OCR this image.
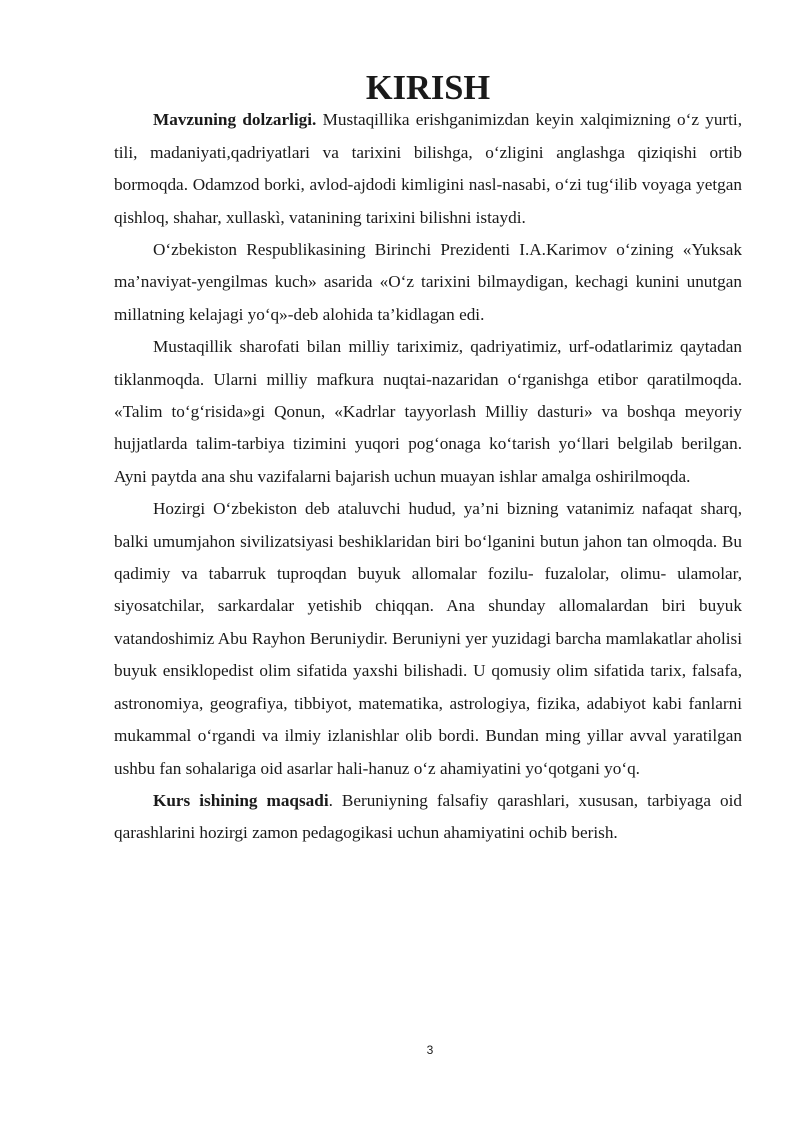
KIRISH

Mavzuning dolzarligi. Mustaqillika erishganimizdan keyin xalqimizning o‘z yurti, tili, madaniyati,qadriyatlari va tarixini bilishga, o‘zligini anglashga qiziqishi ortib bormoqda. Odamzod borki, avlod-ajdodi kimligini nasl-nasabi, o‘zi tug‘ilib voyaga yetgan qishloq, shahar, xullaskì, vatanining tarixini bilishni istaydi.

O‘zbekiston Respublikasining Birinchi Prezidenti I.A.Karimov o‘zining «Yuksak ma’naviyat-yengilmas kuch» asarida «O‘z tarixini bilmaydigan, kechagi kunini unutgan millatning kelajagi yo‘q»-deb alohida ta’kidlagan edi.

Mustaqillik sharofati bilan milliy tariximiz, qadriyatimiz, urf-odatlarimiz qaytadan tiklanmoqda. Ularni milliy mafkura nuqtai-nazaridan o‘rganishga etibor qaratilmoqda. «Talim to‘g‘risida»gi Qonun, «Kadrlar tayyorlash Milliy dasturi» va boshqa meyoriy hujjatlarda talim-tarbiya tizimini yuqori pog‘onaga ko‘tarish yo‘llari belgilab berilgan. Ayni paytda ana shu vazifalarni bajarish uchun muayan ishlar amalga oshirilmoqda.

Hozirgi O‘zbekiston deb ataluvchi hudud, ya’ni bizning vatanimiz nafaqat sharq, balki umumjahon sivilizatsiyasi beshiklaridan biri bo‘lganini butun jahon tan olmoqda. Bu qadimiy va tabarruk tuproqdan buyuk allomalar fozilu- fuzalolar, olimu- ulamolar, siyosatchilar, sarkardalar yetishib chiqqan. Ana shunday allomalardan biri buyuk vatandoshimiz Abu Rayhon Beruniydir. Beruniyni yer yuzidagi barcha mamlakatlar aholisi buyuk ensiklopedist olim sifatida yaxshi bilishadi. U qomusiy olim sifatida tarix, falsafa, astronomiya, geografiya, tibbiyot, matematika, astrologiya, fizika, adabiyot kabi fanlarni mukammal o‘rgandi va ilmiy izlanishlar olib bordi. Bundan ming yillar avval yaratilgan ushbu fan sohalariga oid asarlar hali-hanuz o‘z ahamiyatini yo‘qotgani yo‘q.

Kurs ishining maqsadi. Beruniyning falsafiy qarashlari, xususan, tarbiyaga oid qarashlarini hozirgi zamon pedagogikasi uchun ahamiyatini ochib berish.

3
